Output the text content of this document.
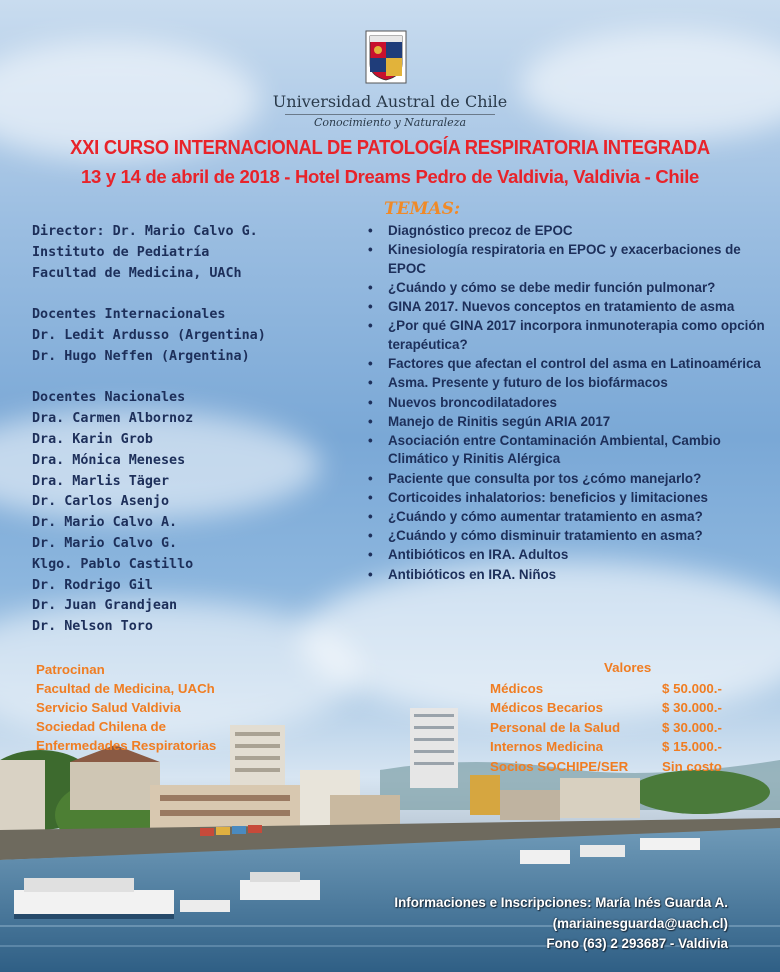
Universidad Austral de Chile
Conocimiento y Naturaleza
XXI CURSO INTERNACIONAL DE PATOLOGÍA RESPIRATORIA INTEGRADA
13 y 14 de abril de 2018 - Hotel Dreams Pedro de Valdivia, Valdivia - Chile
TEMAS:
Director: Dr. Mario Calvo G.
Instituto de Pediatría
Facultad de Medicina, UACh
Docentes Internacionales
Dr. Ledit Ardusso (Argentina)
Dr. Hugo Neffen (Argentina)
Docentes Nacionales
Dra. Carmen Albornoz
Dra. Karin Grob
Dra. Mónica Meneses
Dra. Marlis Täger
Dr. Carlos Asenjo
Dr. Mario Calvo A.
Dr. Mario Calvo G.
Klgo. Pablo Castillo
Dr. Rodrigo Gil
Dr. Juan Grandjean
Dr. Nelson Toro
• Diagnóstico precoz de EPOC
• Kinesiología respiratoria en EPOC y exacerbaciones de EPOC
• ¿Cuándo y cómo se debe medir función pulmonar?
• GINA 2017. Nuevos conceptos en tratamiento de asma
• ¿Por qué GINA 2017 incorpora inmunoterapia como opción terapéutica?
• Factores que afectan el control del asma en Latinoamérica
• Asma. Presente y futuro de los biofármacos
• Nuevos broncodilatadores
• Manejo de Rinitis según ARIA 2017
• Asociación entre Contaminación Ambiental, Cambio Climático y Rinitis Alérgica
• Paciente que consulta por tos ¿cómo manejarlo?
• Corticoides inhalatorios: beneficios y limitaciones
• ¿Cuándo y cómo aumentar tratamiento en asma?
• ¿Cuándo y cómo disminuir tratamiento en asma?
• Antibióticos en IRA. Adultos
• Antibióticos en IRA. Niños
Patrocinan
Facultad de Medicina, UACh
Servicio Salud Valdivia
Sociedad Chilena de
Enfermedades Respiratorias
Valores
Médicos	$ 50.000.-
Médicos Becarios	$ 30.000.-
Personal de la Salud	$ 30.000.-
Internos Medicina	$ 15.000.-
Socios SOCHIPE/SER	Sin costo
Informaciones e Inscripciones: María Inés Guarda A.
(mariainesguarda@uach.cl)
Fono (63) 2 293687 - Valdivia
